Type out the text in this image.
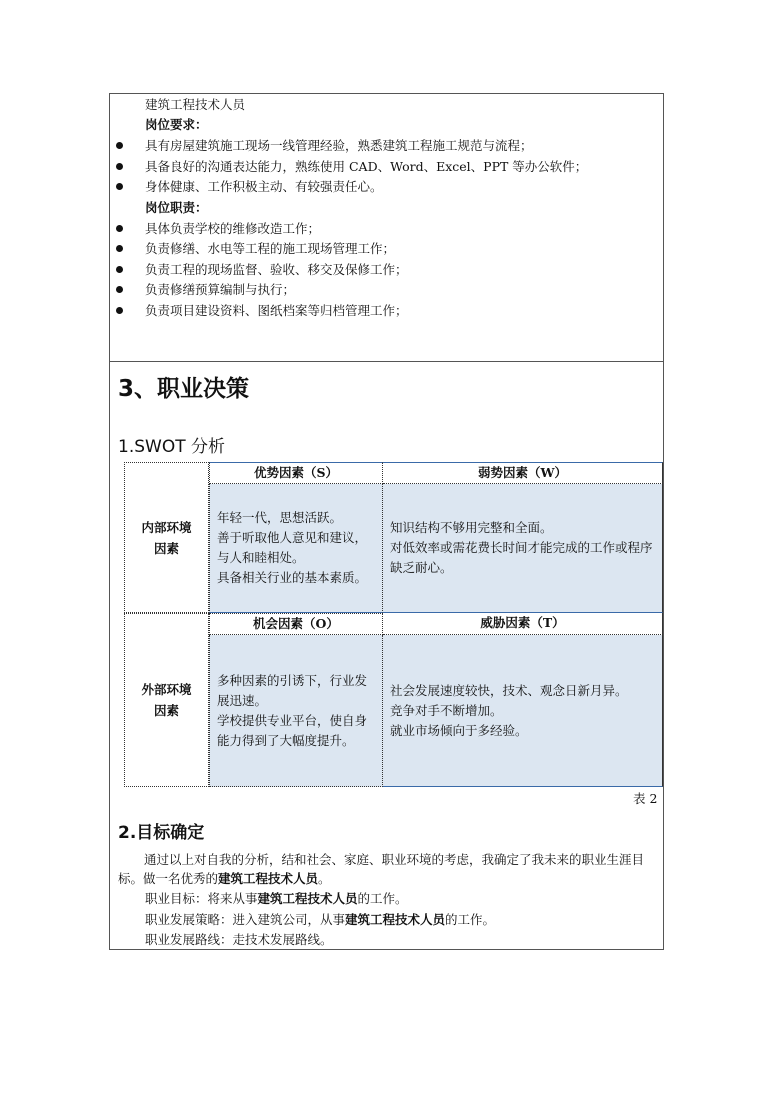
建筑工程技术人员
岗位要求：
具有房屋建筑施工现场一线管理经验，熟悉建筑工程施工规范与流程；
具备良好的沟通表达能力，熟练使用 CAD、Word、Excel、PPT 等办公软件；
身体健康、工作积极主动、有较强责任心。
岗位职责：
具体负责学校的维修改造工作；
负责修缮、水电等工程的施工现场管理工作；
负责工程的现场监督、验收、移交及保修工作；
负责修缮预算编制与执行；
负责项目建设资料、图纸档案等归档管理工作；
3、职业决策
1.SWOT 分析
内部环境因素
外部环境因素
优势因素（S）	弱势因素（W）
年轻一代，思想活跃。
善于听取他人意见和建议，与人和睦相处。
具备相关行业的基本素质。
知识结构不够用完整和全面。
对低效率或需花费长时间才能完成的工作或程序缺乏耐心。
机会因素（O）	威胁因素（T）
多种因素的引诱下，行业发展迅速。
学校提供专业平台，使自身能力得到了大幅度提升。
社会发展速度较快，技术、观念日新月异。
竞争对手不断增加。
就业市场倾向于多经验。
表 2
2.目标确定
通过以上对自我的分析，结和社会、家庭、职业环境的考虑，我确定了我未来的职业生涯目标。做一名优秀的建筑工程技术人员。
职业目标：将来从事建筑工程技术人员的工作。
职业发展策略：进入建筑公司，从事建筑工程技术人员的工作。
职业发展路线：走技术发展路线。
